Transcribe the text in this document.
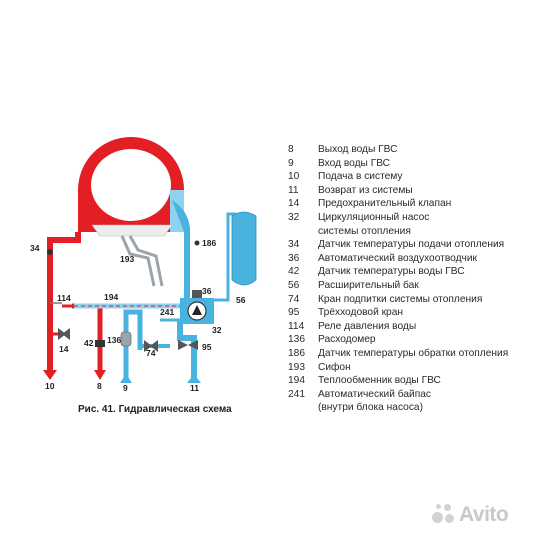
34	186
193
194
114
241
36
56
32
42 136
74
95
14
10	8	9	11
Рис. 41. Гидравлическая схема
8	Выход воды ГВС
9	Вход воды ГВС
10	Подача в систему
11	Возврат из системы
14	Предохранительный клапан
32	Циркуляционный насос
системы отопления
34	Датчик температуры подачи отопления
36	Автоматический воздухоотводчик
42	Датчик температуры воды ГВС
56	Расширительный бак
74	Кран подпитки системы отопления
95	Трёхходовой кран
114	Реле давления воды
136	Расходомер
186	Датчик температуры обратки отопления
193	Сифон
194	Теплообменник воды ГВС
241	Автоматический байпас
(внутри блока насоса)
Avito
